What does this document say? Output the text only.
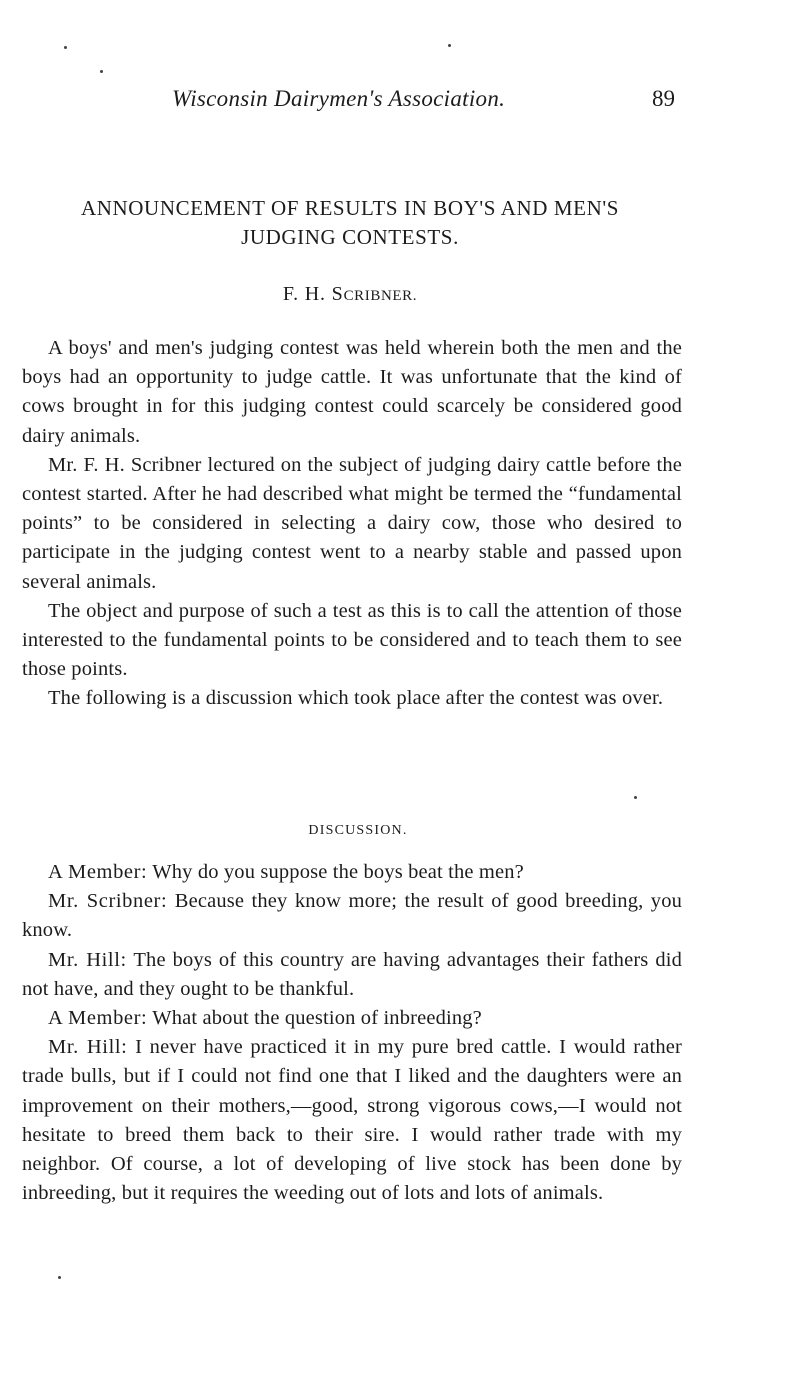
Wisconsin Dairymen's Association.	89
ANNOUNCEMENT OF RESULTS IN BOY'S AND MEN'S
JUDGING CONTESTS.
F. H. SCRIBNER.

A boys' and men's judging contest was held wherein both the men and the boys had an opportunity to judge cattle. It was unfortunate that the kind of cows brought in for this judging contest could scarcely be considered good dairy animals.

Mr. F. H. Scribner lectured on the subject of judging dairy cattle before the contest started. After he had described what might be termed the “fundamental points” to be considered in selecting a dairy cow, those who desired to participate in the judging contest went to a nearby stable and passed upon several animals.

The object and purpose of such a test as this is to call the attention of those interested to the fundamental points to be considered and to teach them to see those points.

The following is a discussion which took place after the contest was over.

DISCUSSION.

A Member: Why do you suppose the boys beat the men?

Mr. Scribner: Because they know more; the result of good breeding, you know.

Mr. Hill: The boys of this country are having advantages their fathers did not have, and they ought to be thankful.

A Member: What about the question of inbreeding?

Mr. Hill: I never have practiced it in my pure bred cattle. I would rather trade bulls, but if I could not find one that I liked and the daughters were an improvement on their mothers,—good, strong vigorous cows,—I would not hesitate to breed them back to their sire. I would rather trade with my neighbor. Of course, a lot of developing of live stock has been done by inbreeding, but it requires the weeding out of lots and lots of animals.
